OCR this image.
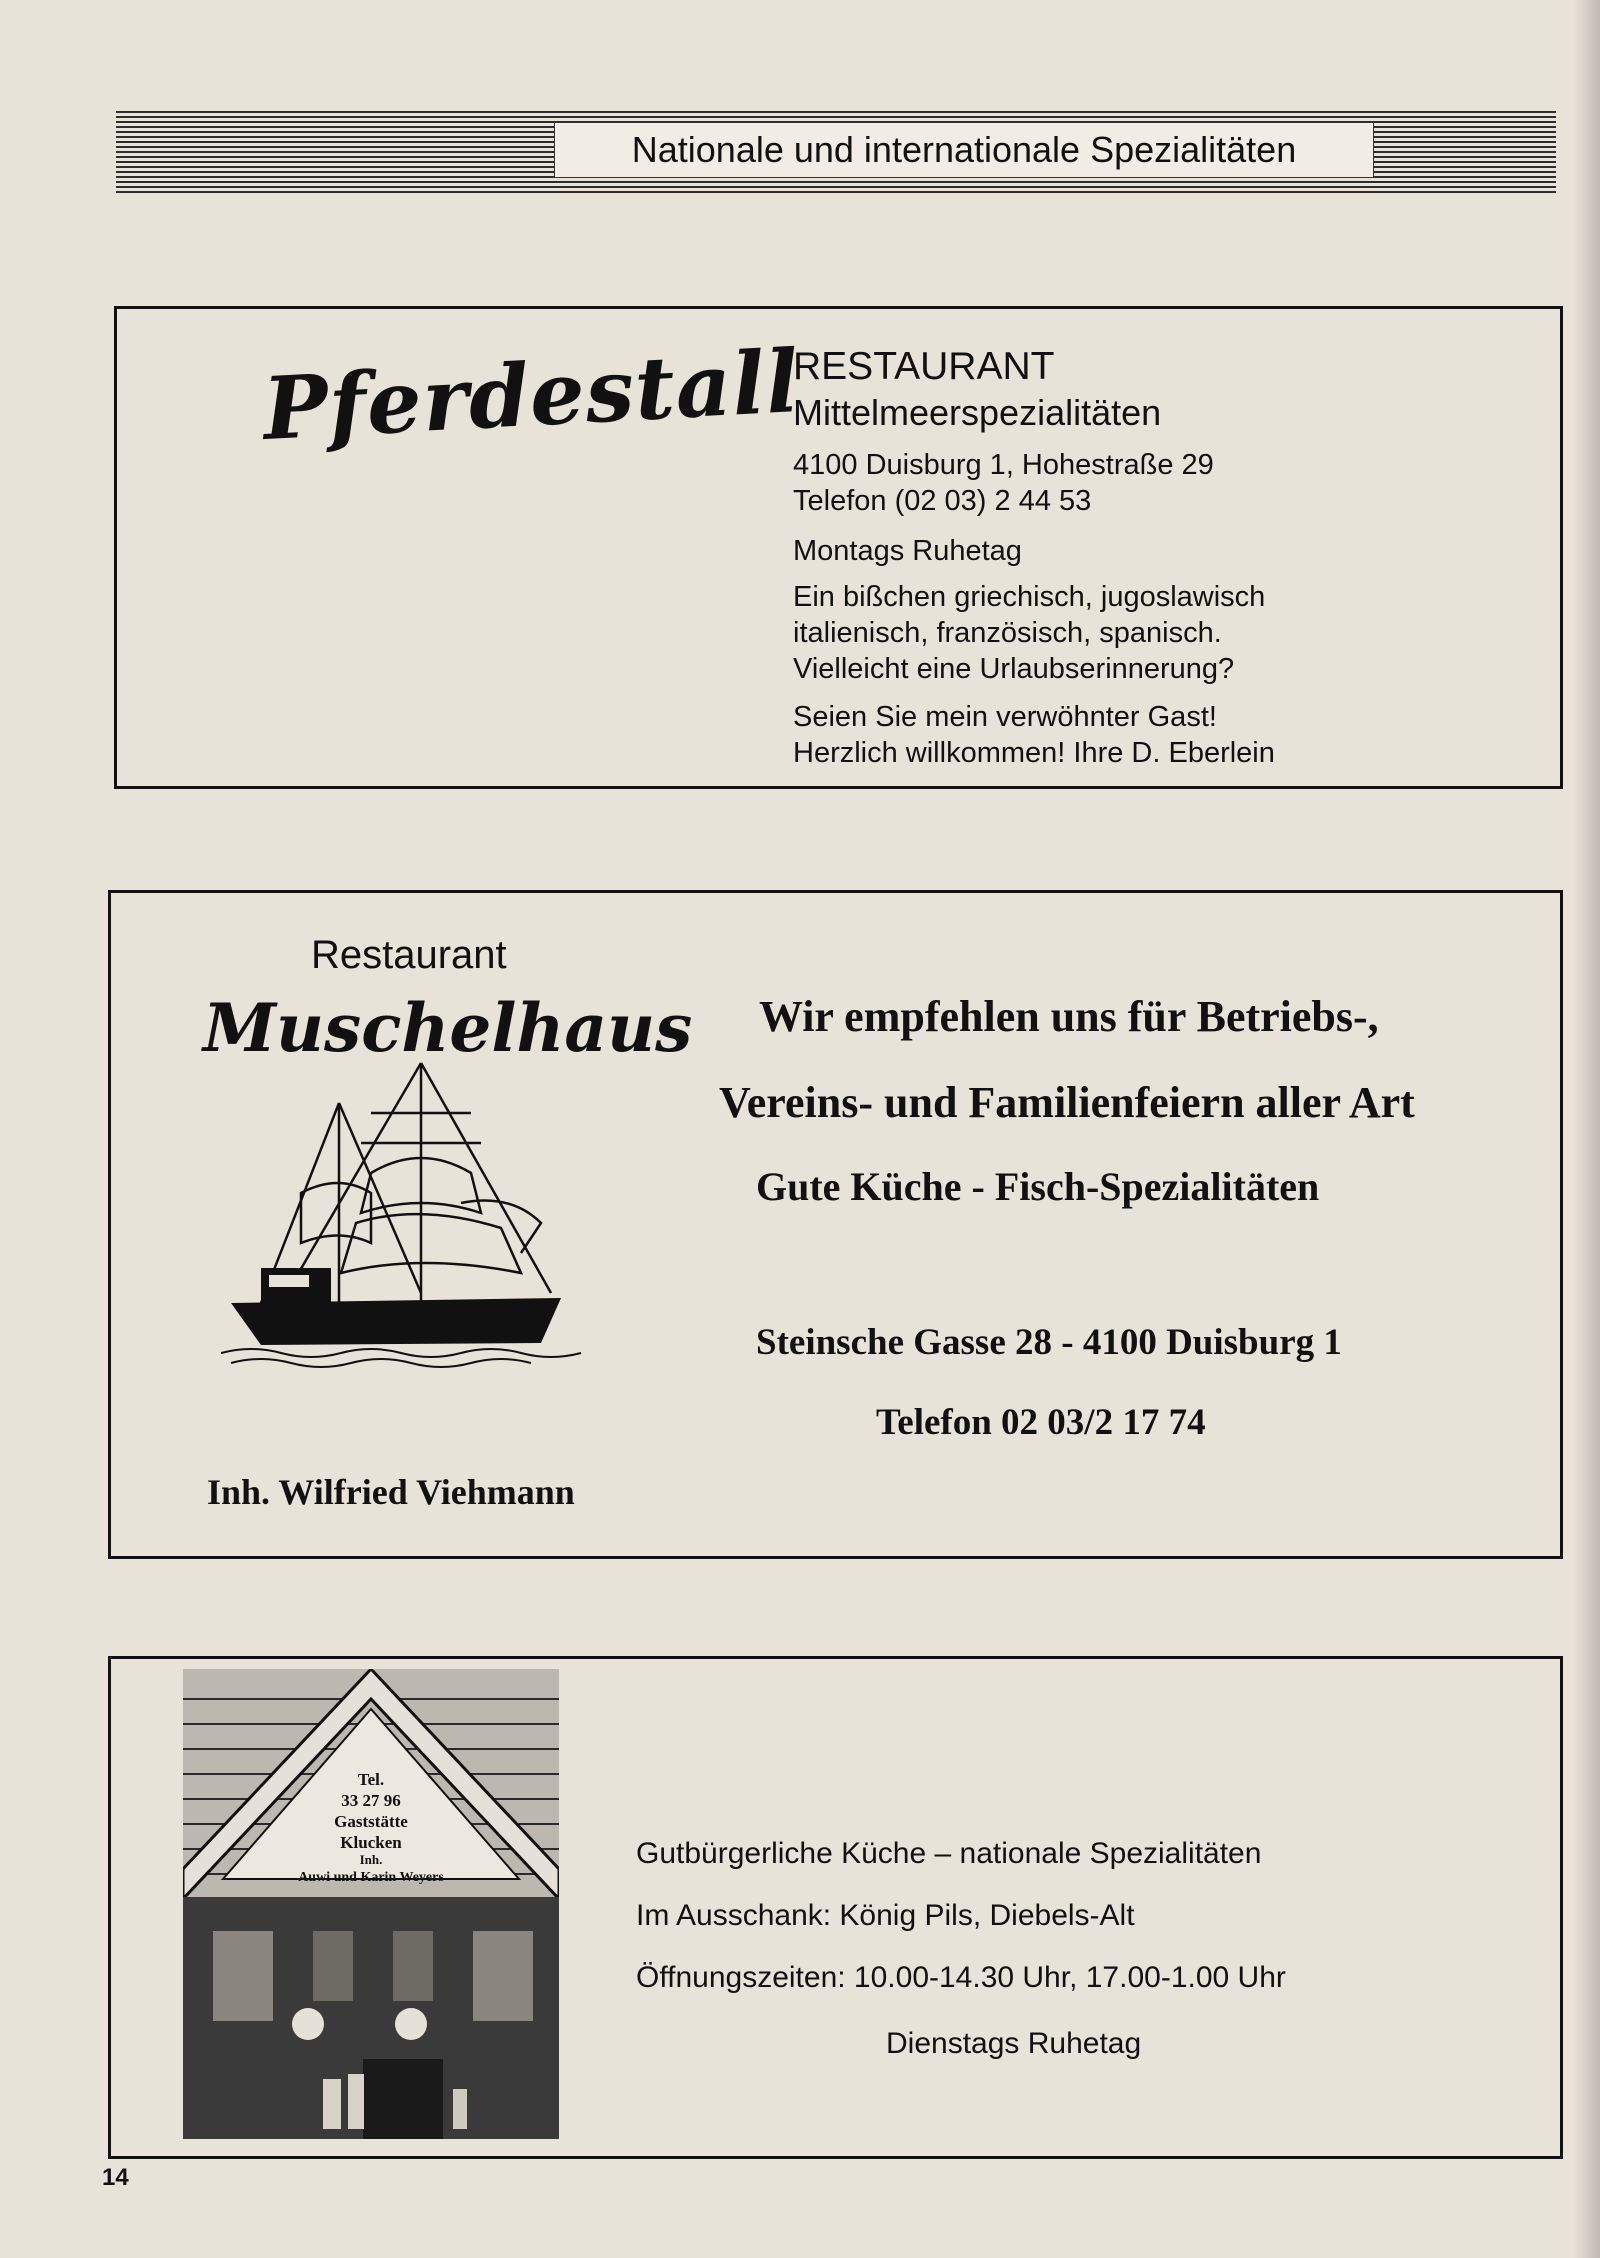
Nationale und internationale Spezialitäten
Pferdestall
RESTAURANT
Mittelmeerspezialitäten
4100 Duisburg 1, Hohestraße 29
Telefon (02 03) 2 44 53
Montags Ruhetag
Ein bißchen griechisch, jugoslawisch
italienisch, französisch, spanisch.
Vielleicht eine Urlaubserinnerung?
Seien Sie mein verwöhnter Gast!
Herzlich willkommen! Ihre D. Eberlein
Restaurant
Muschelhaus
Inh. Wilfried Viehmann
Wir empfehlen uns für Betriebs-,
Vereins- und Familienfeiern aller Art
Gute Küche - Fisch-Spezialitäten
Steinsche Gasse 28 - 4100 Duisburg 1
Telefon 02 03/2 17 74
Tel.
33 27 96
Gaststätte
Klucken
Inh.
Auwi und Karin Weyers
Gutbürgerliche Küche – nationale Spezialitäten
Im Ausschank: König Pils, Diebels-Alt
Öffnungszeiten: 10.00-14.30 Uhr, 17.00-1.00 Uhr
Dienstags Ruhetag
14
